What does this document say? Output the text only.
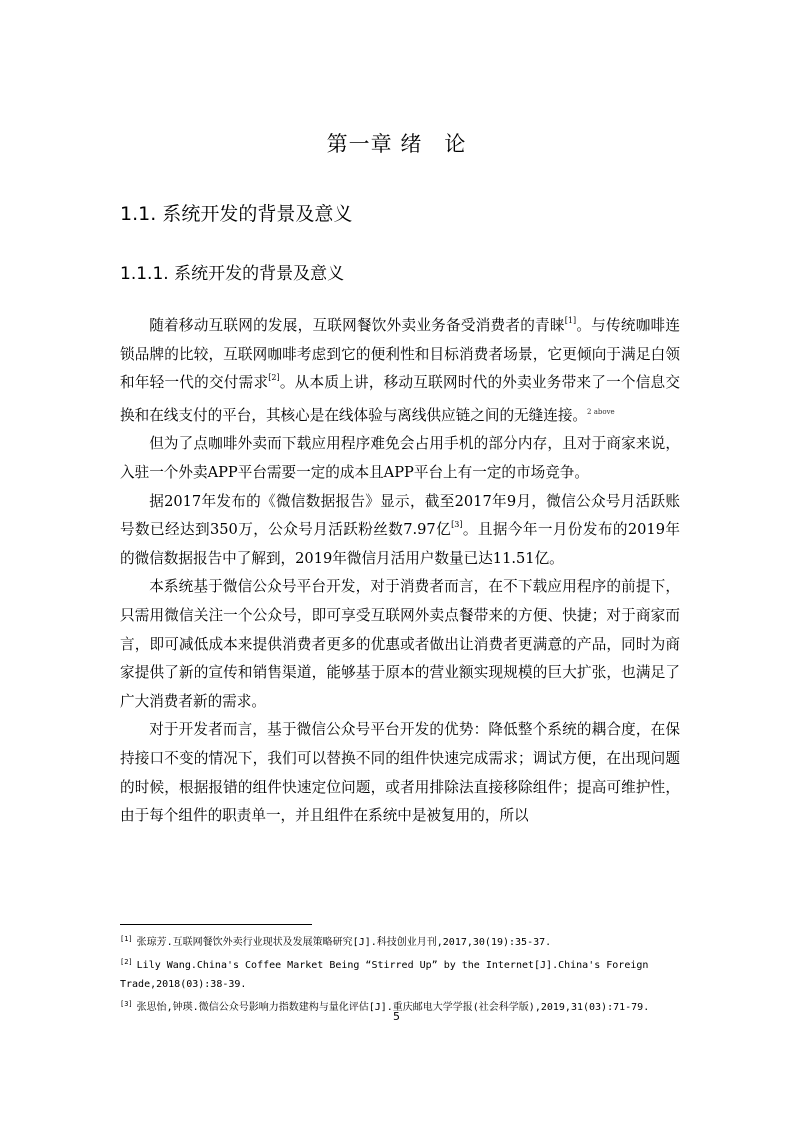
第一章 绪　论
1.1. 系统开发的背景及意义
1.1.1. 系统开发的背景及意义

随着移动互联网的发展，互联网餐饮外卖业务备受消费者的青睐[1]。与传统咖啡连锁品牌的比较，互联网咖啡考虑到它的便利性和目标消费者场景，它更倾向于满足白领和年轻一代的交付需求[2]。从本质上讲，移动互联网时代的外卖业务带来了一个信息交换和在线支付的平台，其核心是在线体验与离线供应链之间的无缝连接。$^{2 above}$

但为了点咖啡外卖而下载应用程序难免会占用手机的部分内存，且对于商家来说，入驻一个外卖APP平台需要一定的成本且APP平台上有一定的市场竞争。

据2017年发布的《微信数据报告》显示，截至2017年9月，微信公众号月活跃账号数已经达到350万，公众号月活跃粉丝数7.97亿[3]。且据今年一月份发布的2019年的微信数据报告中了解到，2019年微信月活用户数量已达11.51亿。

本系统基于微信公众号平台开发，对于消费者而言，在不下载应用程序的前提下，只需用微信关注一个公众号，即可享受互联网外卖点餐带来的方便、快捷；对于商家而言，即可减低成本来提供消费者更多的优惠或者做出让消费者更满意的产品，同时为商家提供了新的宣传和销售渠道，能够基于原本的营业额实现规模的巨大扩张，也满足了广大消费者新的需求。

对于开发者而言，基于微信公众号平台开发的优势：降低整个系统的耦合度，在保持接口不变的情况下，我们可以替换不同的组件快速完成需求；调试方便，在出现问题的时候，根据报错的组件快速定位问题，或者用排除法直接移除组件；提高可维护性，由于每个组件的职责单一，并且组件在系统中是被复用的，所以

[1] 张琼芳.互联网餐饮外卖行业现状及发展策略研究[J].科技创业月刊,2017,30(19):35-37.
[2] Lily Wang.China's Coffee Market Being “Stirred Up” by the Internet[J].China's Foreign Trade,2018(03):38-39.
[3] 张思怡,钟瑛.微信公众号影响力指数建构与量化评估[J].重庆邮电大学学报(社会科学版),2019,31(03):71-79.
5
